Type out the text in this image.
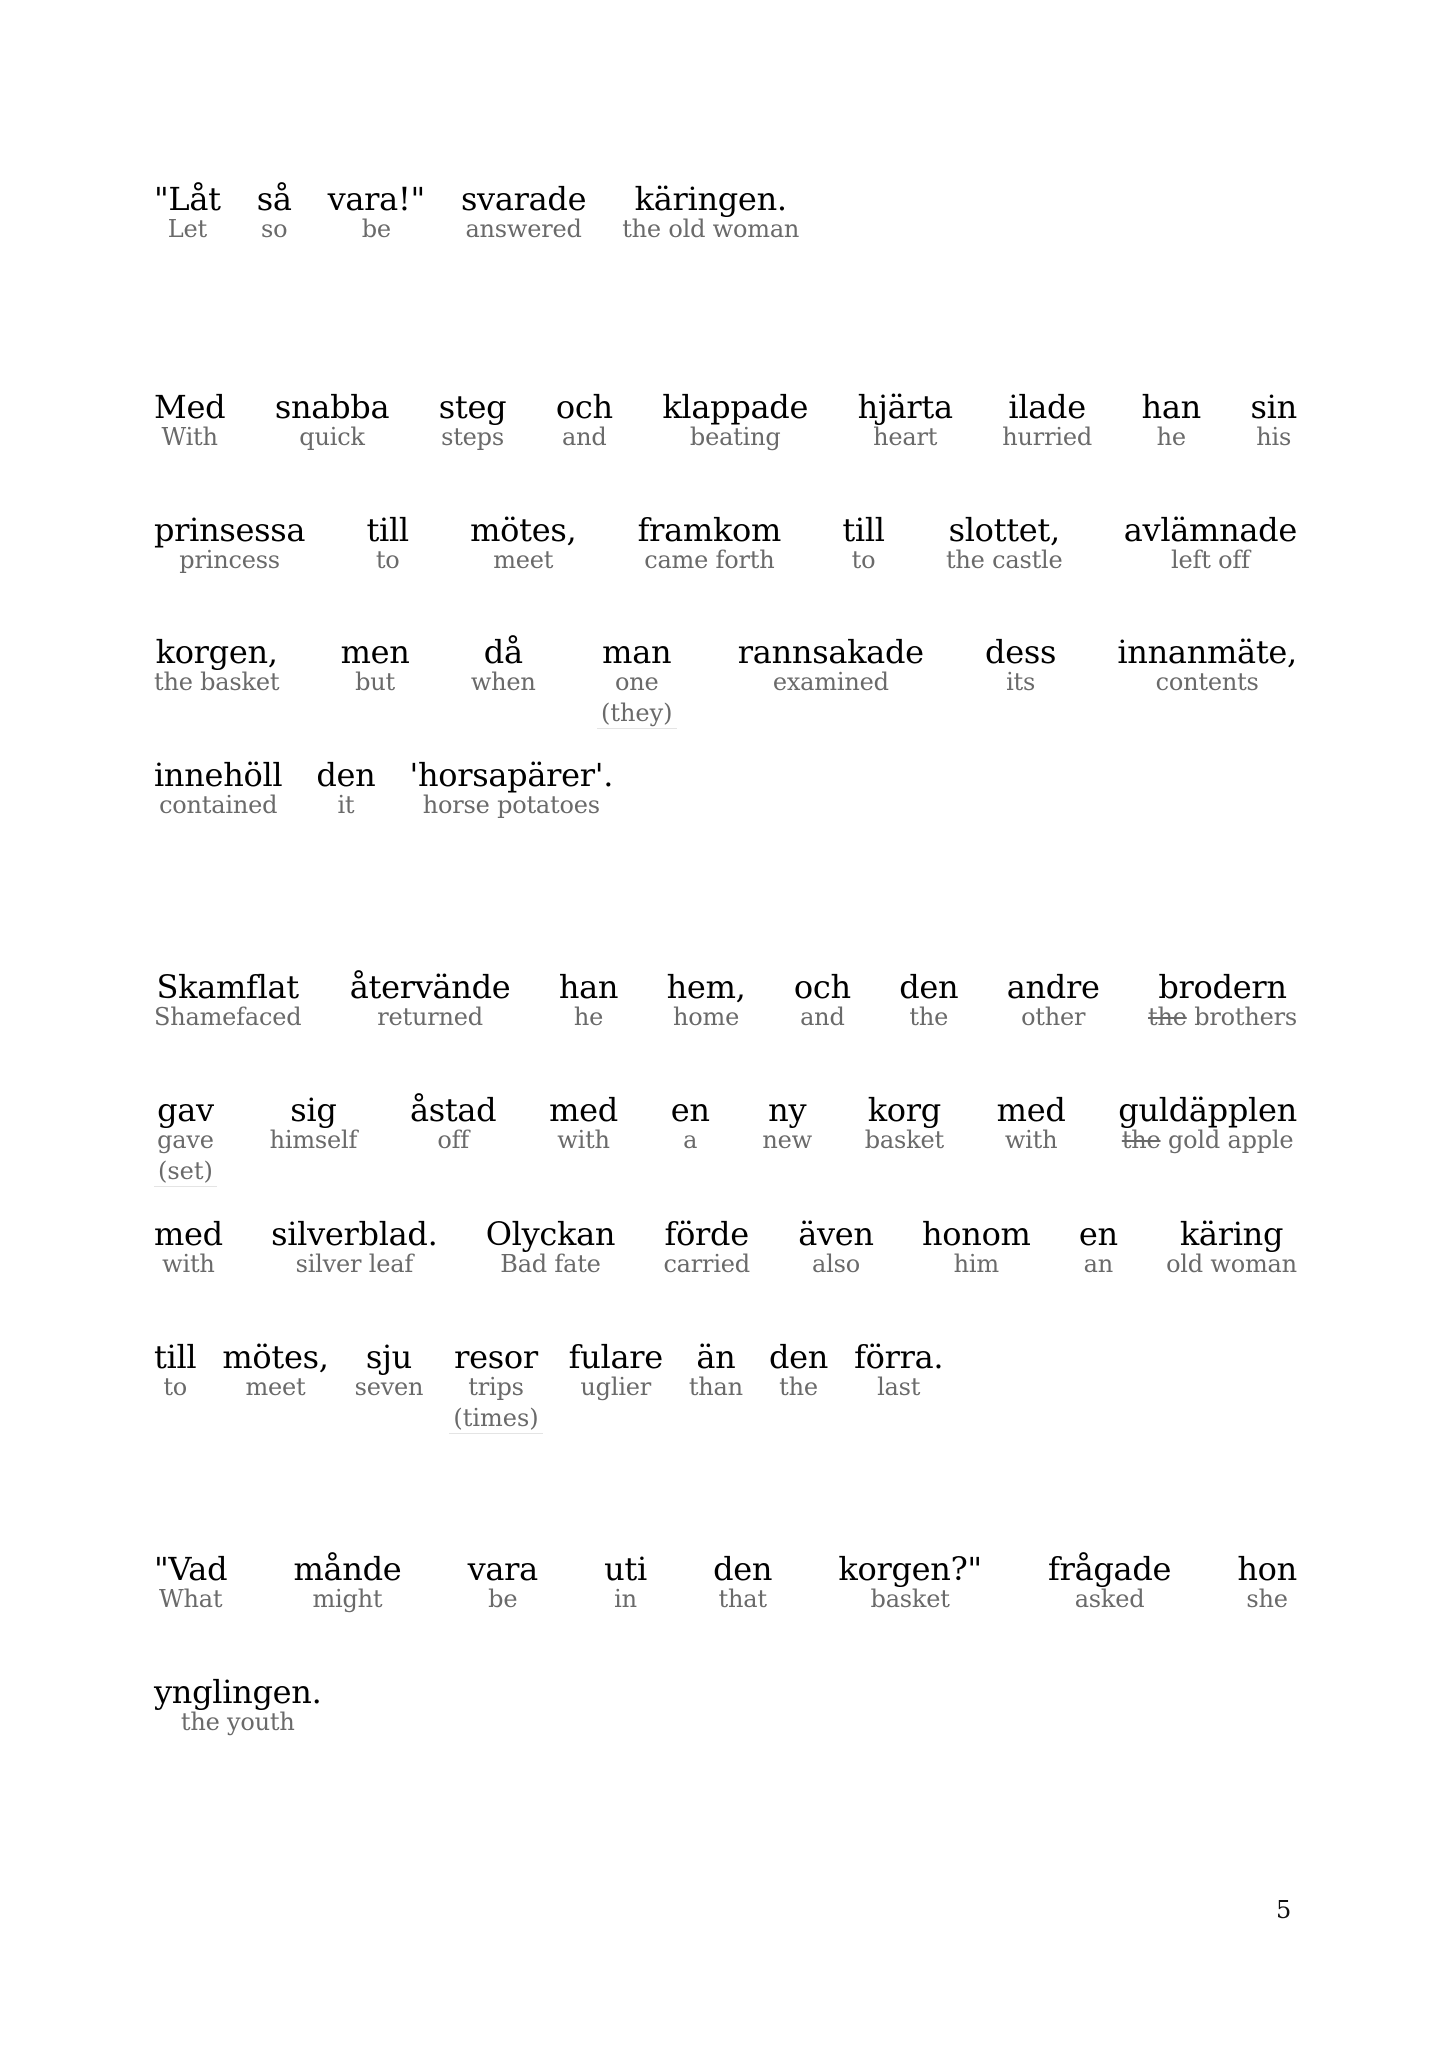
"Låt
Let
så
so
vara!"
be
svarade
answered
käringen.
the old woman
Med
With
snabba
quick
steg
steps
och
and
klappade
beating
hjärta
heart
ilade
hurried
han
he
sin
his
prinsessa
princess
till
to
mötes,
meet
framkom
came forth
till
to
slottet,
the castle
avlämnade
left off
korgen,
the basket
men
but
då
when
man
one
(they)
rannsakade
examined
dess
its
innanmäte,
contents
innehöll
contained
den
it
'horsapärer'.
horse potatoes
Skamflat
Shamefaced
återvände
returned
han
he
hem,
home
och
and
den
the
andre
other
brodern
the brothers
gav
gave
(set)
sig
himself
åstad
off
med
with
en
a
ny
new
korg
basket
med
with
guldäpplen
the gold apple
med
with
silverblad.
silver leaf
Olyckan
Bad fate
förde
carried
även
also
honom
him
en
an
käring
old woman
till
to
mötes,
meet
sju
seven
resor
trips
(times)
fulare
uglier
än
than
den
the
förra.
last
"Vad
What
månde
might
vara
be
uti
in
den
that
korgen?"
basket
frågade
asked
hon
she
ynglingen.
the youth
5
